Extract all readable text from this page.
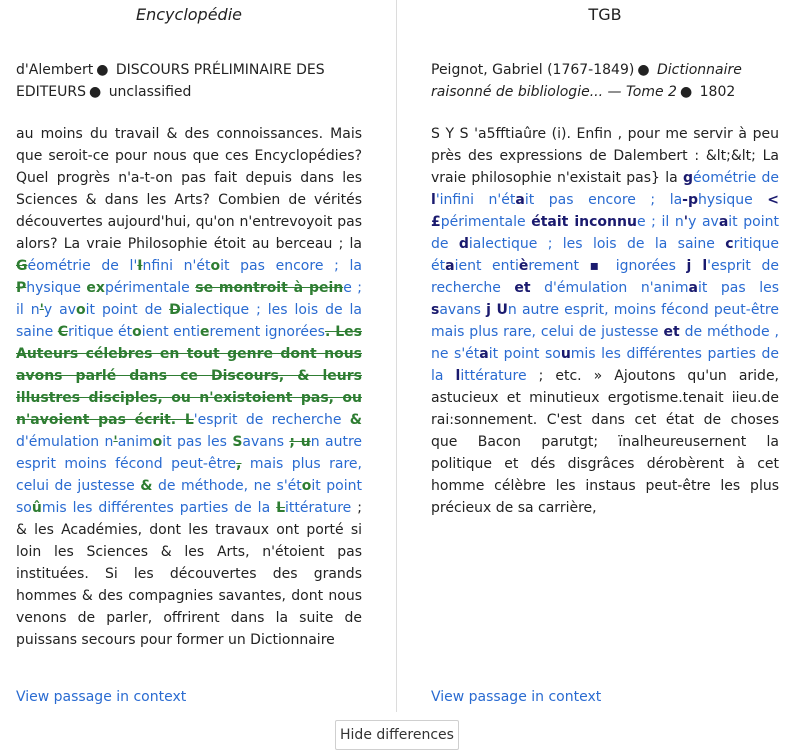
Encyclopédie
d'Alembert ● DISCOURS PRÉLIMINAIRE DES EDITEURS ● unclassified
au moins du travail & des connoissances. Mais que seroit-ce pour nous que ces Encyclopédies? Quel progrès n'a-t-on pas fait depuis dans les Sciences & dans les Arts? Combien de vérités découvertes aujourd'hui, qu'on n'entrevoyoit pas alors? La vraie Philosophie étoit au berceau ; la Géométrie de l'Infini n'étoit pas encore ; la Physique expérimentale se montroit à peine ; il n'y avoit point de Dialectique ; les lois de la saine Critique étoient entierement ignorées. Les Auteurs célebres en tout genre dont nous avons parlé dans ce Discours, & leurs illustres disciples, ou n'existoient pas, ou n'avoient pas écrit. L'esprit de recherche & d'émulation n'animoit pas les Savans ; un autre esprit moins fécond peut-être, mais plus rare, celui de justesse & de méthode, ne s'étoit point soûmis les différentes parties de la Littérature ; & les Académies, dont les travaux ont porté si loin les Sciences & les Arts, n'étoient pas instituées. Si les découvertes des grands hommes & des compagnies savantes, dont nous venons de parler, offrirent dans la suite de puissans secours pour former un Dictionnaire
View passage in context
TGB
Peignot, Gabriel (1767-1849) ● Dictionnaire raisonné de bibliologie... — Tome 2 ● 1802
S Y S 'a5fftiaûre (i). Enfin , pour me servir à peu près des expressions de Dalembert : &lt;&lt; La vraie philosophie n'existait pas} la géométrie de l'infini n'était pas encore ; la-physique < £périmentale était inconnue ; il n'y avait point de dialectique ; les lois de la saine critique étaient entièrement ▪ ignorées j l'esprit de recherche et d'émulation n'animait pas les savans j Un autre esprit, moins fécond peut-être mais plus rare, celui de justesse et de méthode , ne s'était point soumis les différentes parties de la littérature ; etc. » Ajoutons qu'un aride, astucieux et minutieux ergotisme.tenait iieu.de rai:sonnement. C'est dans cet état de choses que Bacon parutgt; ïnalheureusernent la politique et dés disgrâces dérobèrent à cet homme célèbre les instaus peut-être les plus précieux de sa carrière,
View passage in context
Hide differences
